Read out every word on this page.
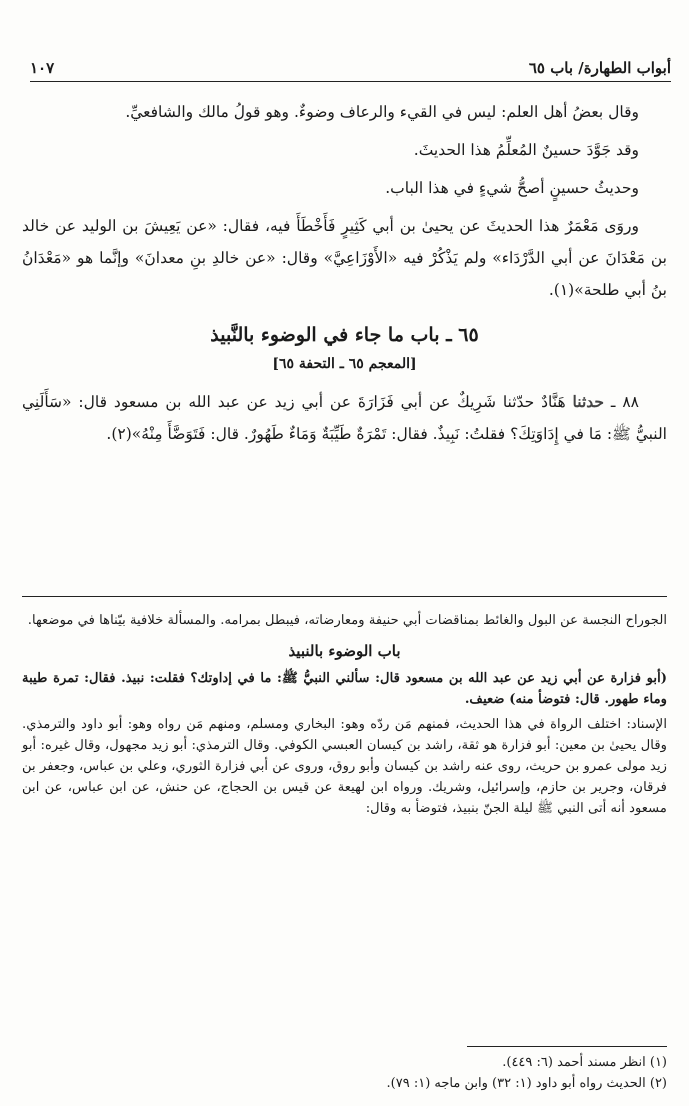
أبواب الطهارة/ باب ٦٥
١٠٧

وقال بعضُ أهل العلم: ليس في القيء والرعاف وضوءٌ. وهو قولُ مالك والشافعيِّ.

وقد جَوَّدَ حسينٌ المُعلِّمُ هذا الحديثَ.

وحديثُ حسينٍ أصحُّ شيءٍ في هذا الباب.

وروَى مَعْمَرٌ هذا الحديثَ عن يحيىٰ بن أبي كَثِيرٍ فَأَخْطَأَ فيه، فقال: «عن يَعِيشَ بن الوليد عن خالد بن مَعْدَانَ عن أبي الدَّرْدَاء» ولم يَذْكُرْ فيه «الأَوْزَاعِيَّ» وقال: «عن خالدِ بنِ معدانَ» وإنَّما هو «مَعْدَانُ بنُ أبي طلحة»(١).

٦٥ ـ باب ما جاء في الوضوء بالنَّبيذ
[المعجم ٦٥ ـ التحفة ٦٥]

٨٨ ـ حدثنا هَنَّادٌ حدّثنا شَرِيكٌ عن أبي فَزَارَةَ عن أبي زيد عن عبد الله بن مسعود قال: «سَأَلَنِي النبيُّ ﷺ: مَا في إِدَاوَتِكَ؟ فقلتُ: نَبِيذٌ. فقال: تَمْرَةٌ طَيِّبَةٌ وَمَاءٌ طَهُورٌ. قال: فَتَوَضَّأَ مِنْهُ»(٢).

الجوراح النجسة عن البول والغائط بمناقضات أبي حنيفة ومعارضاته، فيبطل بمرامه. والمسألة خلافية بيّناها في موضعها.

باب الوضوء بالنبيذ

(أبو فزارة عن أبي زيد عن عبد الله بن مسعود قال: سألني النبيُّ ﷺ: ما في إداوتك؟ فقلت: نبيذ. فقال: تمرة طيبة وماء طهور. قال: فتوضأ منه) ضعيف.

الإسناد: اختلف الرواة في هذا الحديث، فمنهم مَن ردّه وهو: البخاري ومسلم، ومنهم مَن رواه وهو: أبو داود والترمذي. وقال يحيىٰ بن معين: أبو فزارة هو ثقة، راشد بن كيسان العبسي الكوفي. وقال الترمذي: أبو زيد مجهول، وقال غيره: أبو زيد مولى عمرو بن حريث، روى عنه راشد بن كيسان وأبو روق، وروى عن أبي فزارة الثوري، وعلي بن عباس، وجعفر بن فرقان، وجرير بن حازم، وإسرائيل، وشريك. ورواه ابن لهيعة عن قيس بن الحجاج، عن حنش، عن ابن عباس، عن ابن مسعود أنه أتى النبي ﷺ ليلة الجنّ بنبيذ، فتوضأ به وقال:

(١) انظر مسند أحمد (٦: ٤٤٩).

(٢) الحديث رواه أبو داود (١: ٣٢) وابن ماجه (١: ٧٩).
